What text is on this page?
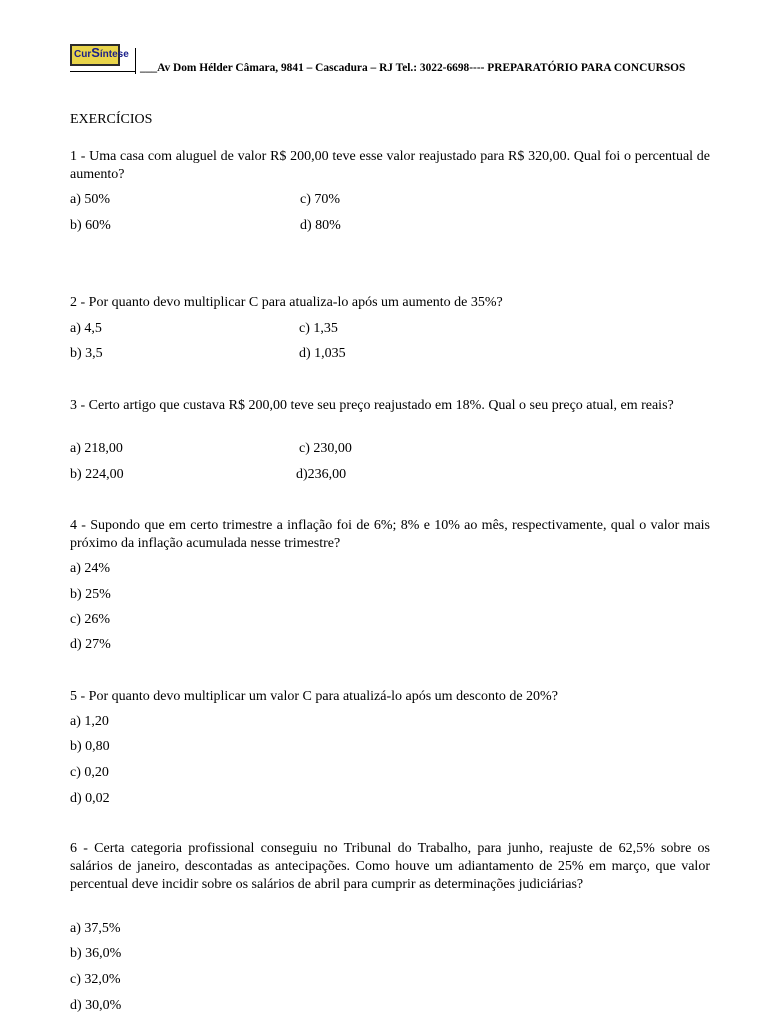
CurSíntese
___Av Dom Hélder Câmara, 9841 – Cascadura – RJ Tel.: 3022-6698---- PREPARATÓRIO PARA CONCURSOS
EXERCÍCIOS
1 - Uma casa com aluguel de valor R$ 200,00 teve esse valor reajustado para R$ 320,00. Qual foi o percentual de aumento?
a) 50%	c) 70%
b) 60%	d) 80%
2 - Por quanto devo multiplicar C para atualiza-lo após um aumento de 35%?
a) 4,5	c) 1,35
b) 3,5	d) 1,035
3 - Certo artigo que custava R$ 200,00 teve seu preço reajustado em 18%. Qual o seu preço atual, em reais?
a) 218,00	c) 230,00
b) 224,00	d)236,00
4 - Supondo que em certo trimestre a inflação foi de 6%; 8% e 10% ao mês, respectivamente, qual o valor mais próximo da inflação acumulada nesse trimestre?
a) 24%
b) 25%
c) 26%
d) 27%
5 - Por quanto devo multiplicar um valor C para atualizá-lo após um desconto de 20%?
a) 1,20
b) 0,80
c) 0,20
d) 0,02
6 - Certa categoria profissional conseguiu no Tribunal do Trabalho, para junho, reajuste de 62,5% sobre os salários de janeiro, descontadas as antecipações. Como houve um adiantamento de 25% em março, que valor percentual deve incidir sobre os salários de abril para cumprir as determinações judiciárias?
a) 37,5%
b) 36,0%
c) 32,0%
d) 30,0%
